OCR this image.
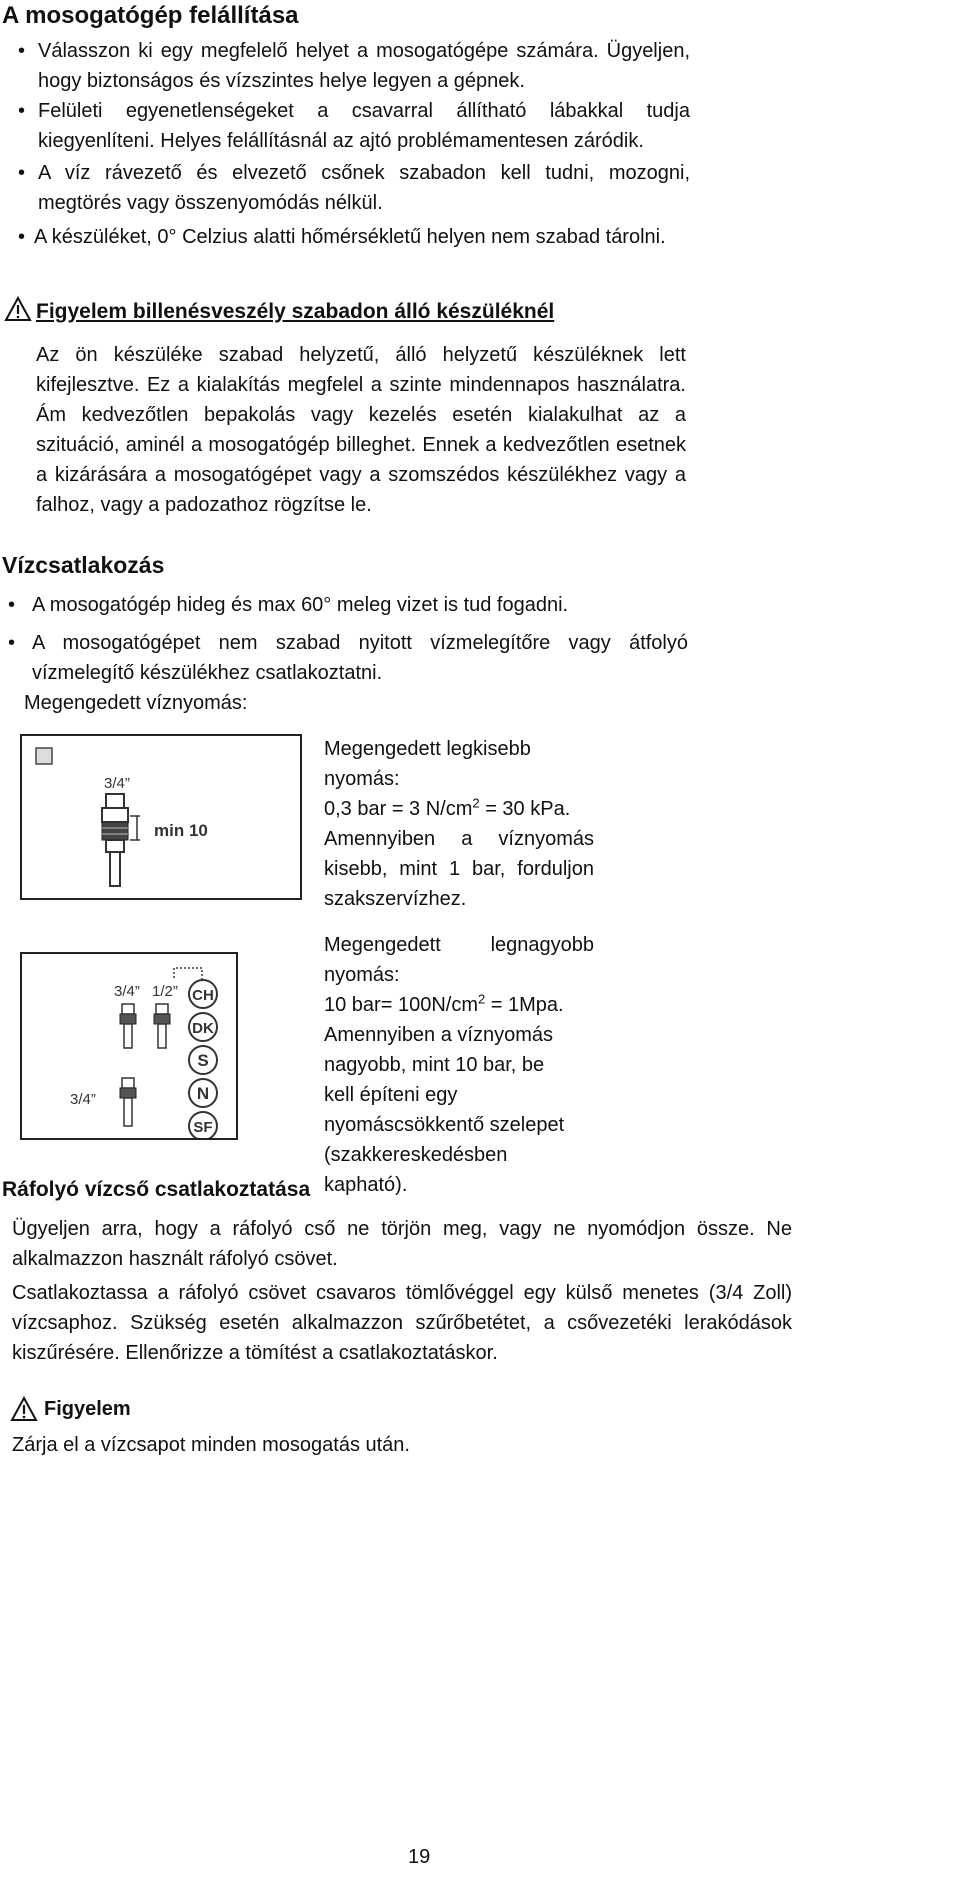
A mosogatógép felállítása
• Válasszon ki egy megfelelő helyet a mosogatógépe számára. Ügyeljen, hogy biztonságos és vízszintes helye legyen a gépnek.
• Felületi egyenetlenségeket a csavarral állítható lábakkal tudja kiegyenlíteni. Helyes felállításnál az ajtó problémamentesen záródik.
• A víz rávezető és elvezető csőnek szabadon kell tudni, mozogni, megtörés vagy összenyomódás nélkül.
• A készüléket, 0° Celzius alatti hőmérsékletű helyen nem szabad tárolni.
Figyelem billenésveszély szabadon álló készüléknél
Az ön készüléke szabad helyzetű, álló helyzetű készüléknek lett kifejlesztve. Ez a kialakítás megfelel a szinte mindennapos használatra. Ám kedvezőtlen bepakolás vagy kezelés esetén kialakulhat az a szituáció, aminél a mosogatógép billeghet. Ennek a kedvezőtlen esetnek a kizárására a mosogatógépet vagy a szomszédos készülékhez vagy a falhoz, vagy a padozathoz rögzítse le.
Vízcsatlakozás
• A mosogatógép hideg és max 60° meleg vizet is tud fogadni.
• A mosogatógépet nem szabad nyitott vízmelegítőre vagy átfolyó vízmelegítő készülékhez csatlakoztatni.
Megengedett víznyomás:
3/4”
min 10
Megengedett legkisebb
nyomás:
0,3 bar = 3 $N/cm^2 = 30$ kPa.
Amennyiben a víznyomás
kisebb, mint 1 bar, forduljon
szakszervízhez.
3/4” 1/2”
3/4”
CH
DK
S
N
SF
Megengedett legnagyobb
nyomás:
10 $bar= 100N/cm^2 = 1Mpa$.
Amennyiben a víznyomás
nagyobb, mint 10 bar, be
kell építeni egy
nyomáscsökkentő szelepet
(szakkereskedésben
kapható).
Ráfolyó vízcső csatlakoztatása
Ügyeljen arra, hogy a ráfolyó cső ne törjön meg, vagy ne nyomódjon össze. Ne alkalmazzon használt ráfolyó csövet.
Csatlakoztassa a ráfolyó csövet csavaros tömlővéggel egy külső menetes (3/4 Zoll) vízcsaphoz. Szükség esetén alkalmazzon szűrőbetétet, a csővezetéki lerakódások kiszűrésére. Ellenőrizze a tömítést a csatlakoztatáskor.
Figyelem
Zárja el a vízcsapot minden mosogatás után.
19
